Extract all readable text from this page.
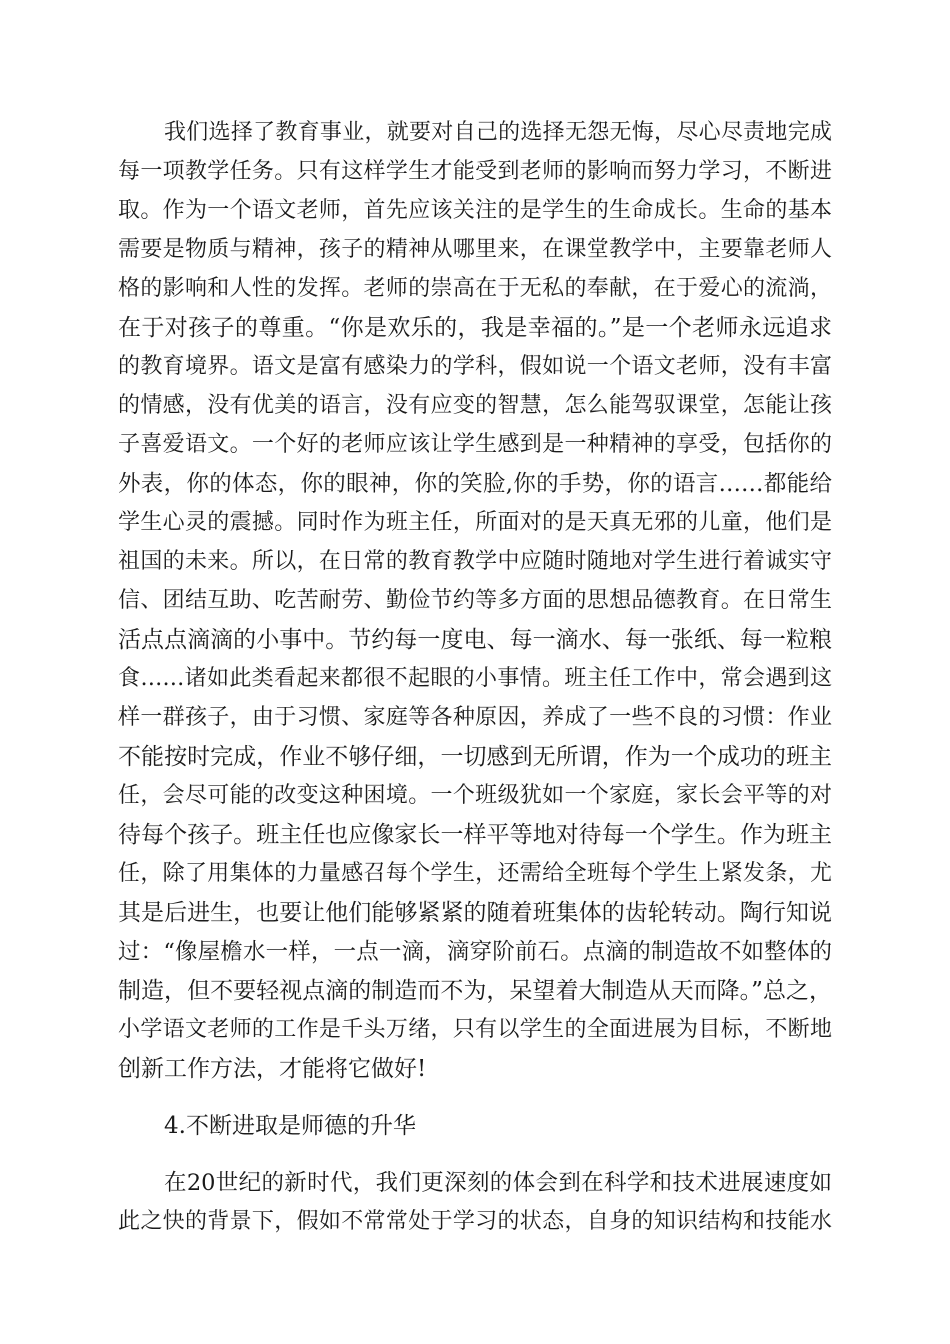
我们选择了教育事业，就要对自己的选择无怨无悔，尽心尽责地完成
每一项教学任务。只有这样学生才能受到老师的影响而努力学习，不断进
取。作为一个语文老师，首先应该关注的是学生的生命成长。生命的基本
需要是物质与精神，孩子的精神从哪里来，在课堂教学中，主要靠老师人
格的影响和人性的发挥。老师的崇高在于无私的奉献，在于爱心的流淌，
在于对孩子的尊重。“你是欢乐的，我是幸福的。”是一个老师永远追求
的教育境界。语文是富有感染力的学科，假如说一个语文老师，没有丰富
的情感，没有优美的语言，没有应变的智慧，怎么能驾驭课堂，怎能让孩
子喜爱语文。一个好的老师应该让学生感到是一种精神的享受，包括你的
外表，你的体态，你的眼神，你的笑脸,你的手势，你的语言……都能给
学生心灵的震撼。同时作为班主任，所面对的是天真无邪的儿童，他们是
祖国的未来。所以，在日常的教育教学中应随时随地对学生进行着诚实守
信、团结互助、吃苦耐劳、勤俭节约等多方面的思想品德教育。在日常生
活点点滴滴的小事中。节约每一度电、每一滴水、每一张纸、每一粒粮
食……诸如此类看起来都很不起眼的小事情。班主任工作中，常会遇到这
样一群孩子，由于习惯、家庭等各种原因，养成了一些不良的习惯：作业
不能按时完成，作业不够仔细，一切感到无所谓，作为一个成功的班主
任，会尽可能的改变这种困境。一个班级犹如一个家庭，家长会平等的对
待每个孩子。班主任也应像家长一样平等地对待每一个学生。作为班主
任，除了用集体的力量感召每个学生，还需给全班每个学生上紧发条，尤
其是后进生，也要让他们能够紧紧的随着班集体的齿轮转动。陶行知说
过：“像屋檐水一样，一点一滴，滴穿阶前石。点滴的制造故不如整体的
制造，但不要轻视点滴的制造而不为，呆望着大制造从天而降。”总之，
小学语文老师的工作是千头万绪，只有以学生的全面进展为目标，不断地
创新工作方法，才能将它做好!
4.不断进取是师德的升华
在20世纪的新时代，我们更深刻的体会到在科学和技术进展速度如
此之快的背景下，假如不常常处于学习的状态，自身的知识结构和技能水
